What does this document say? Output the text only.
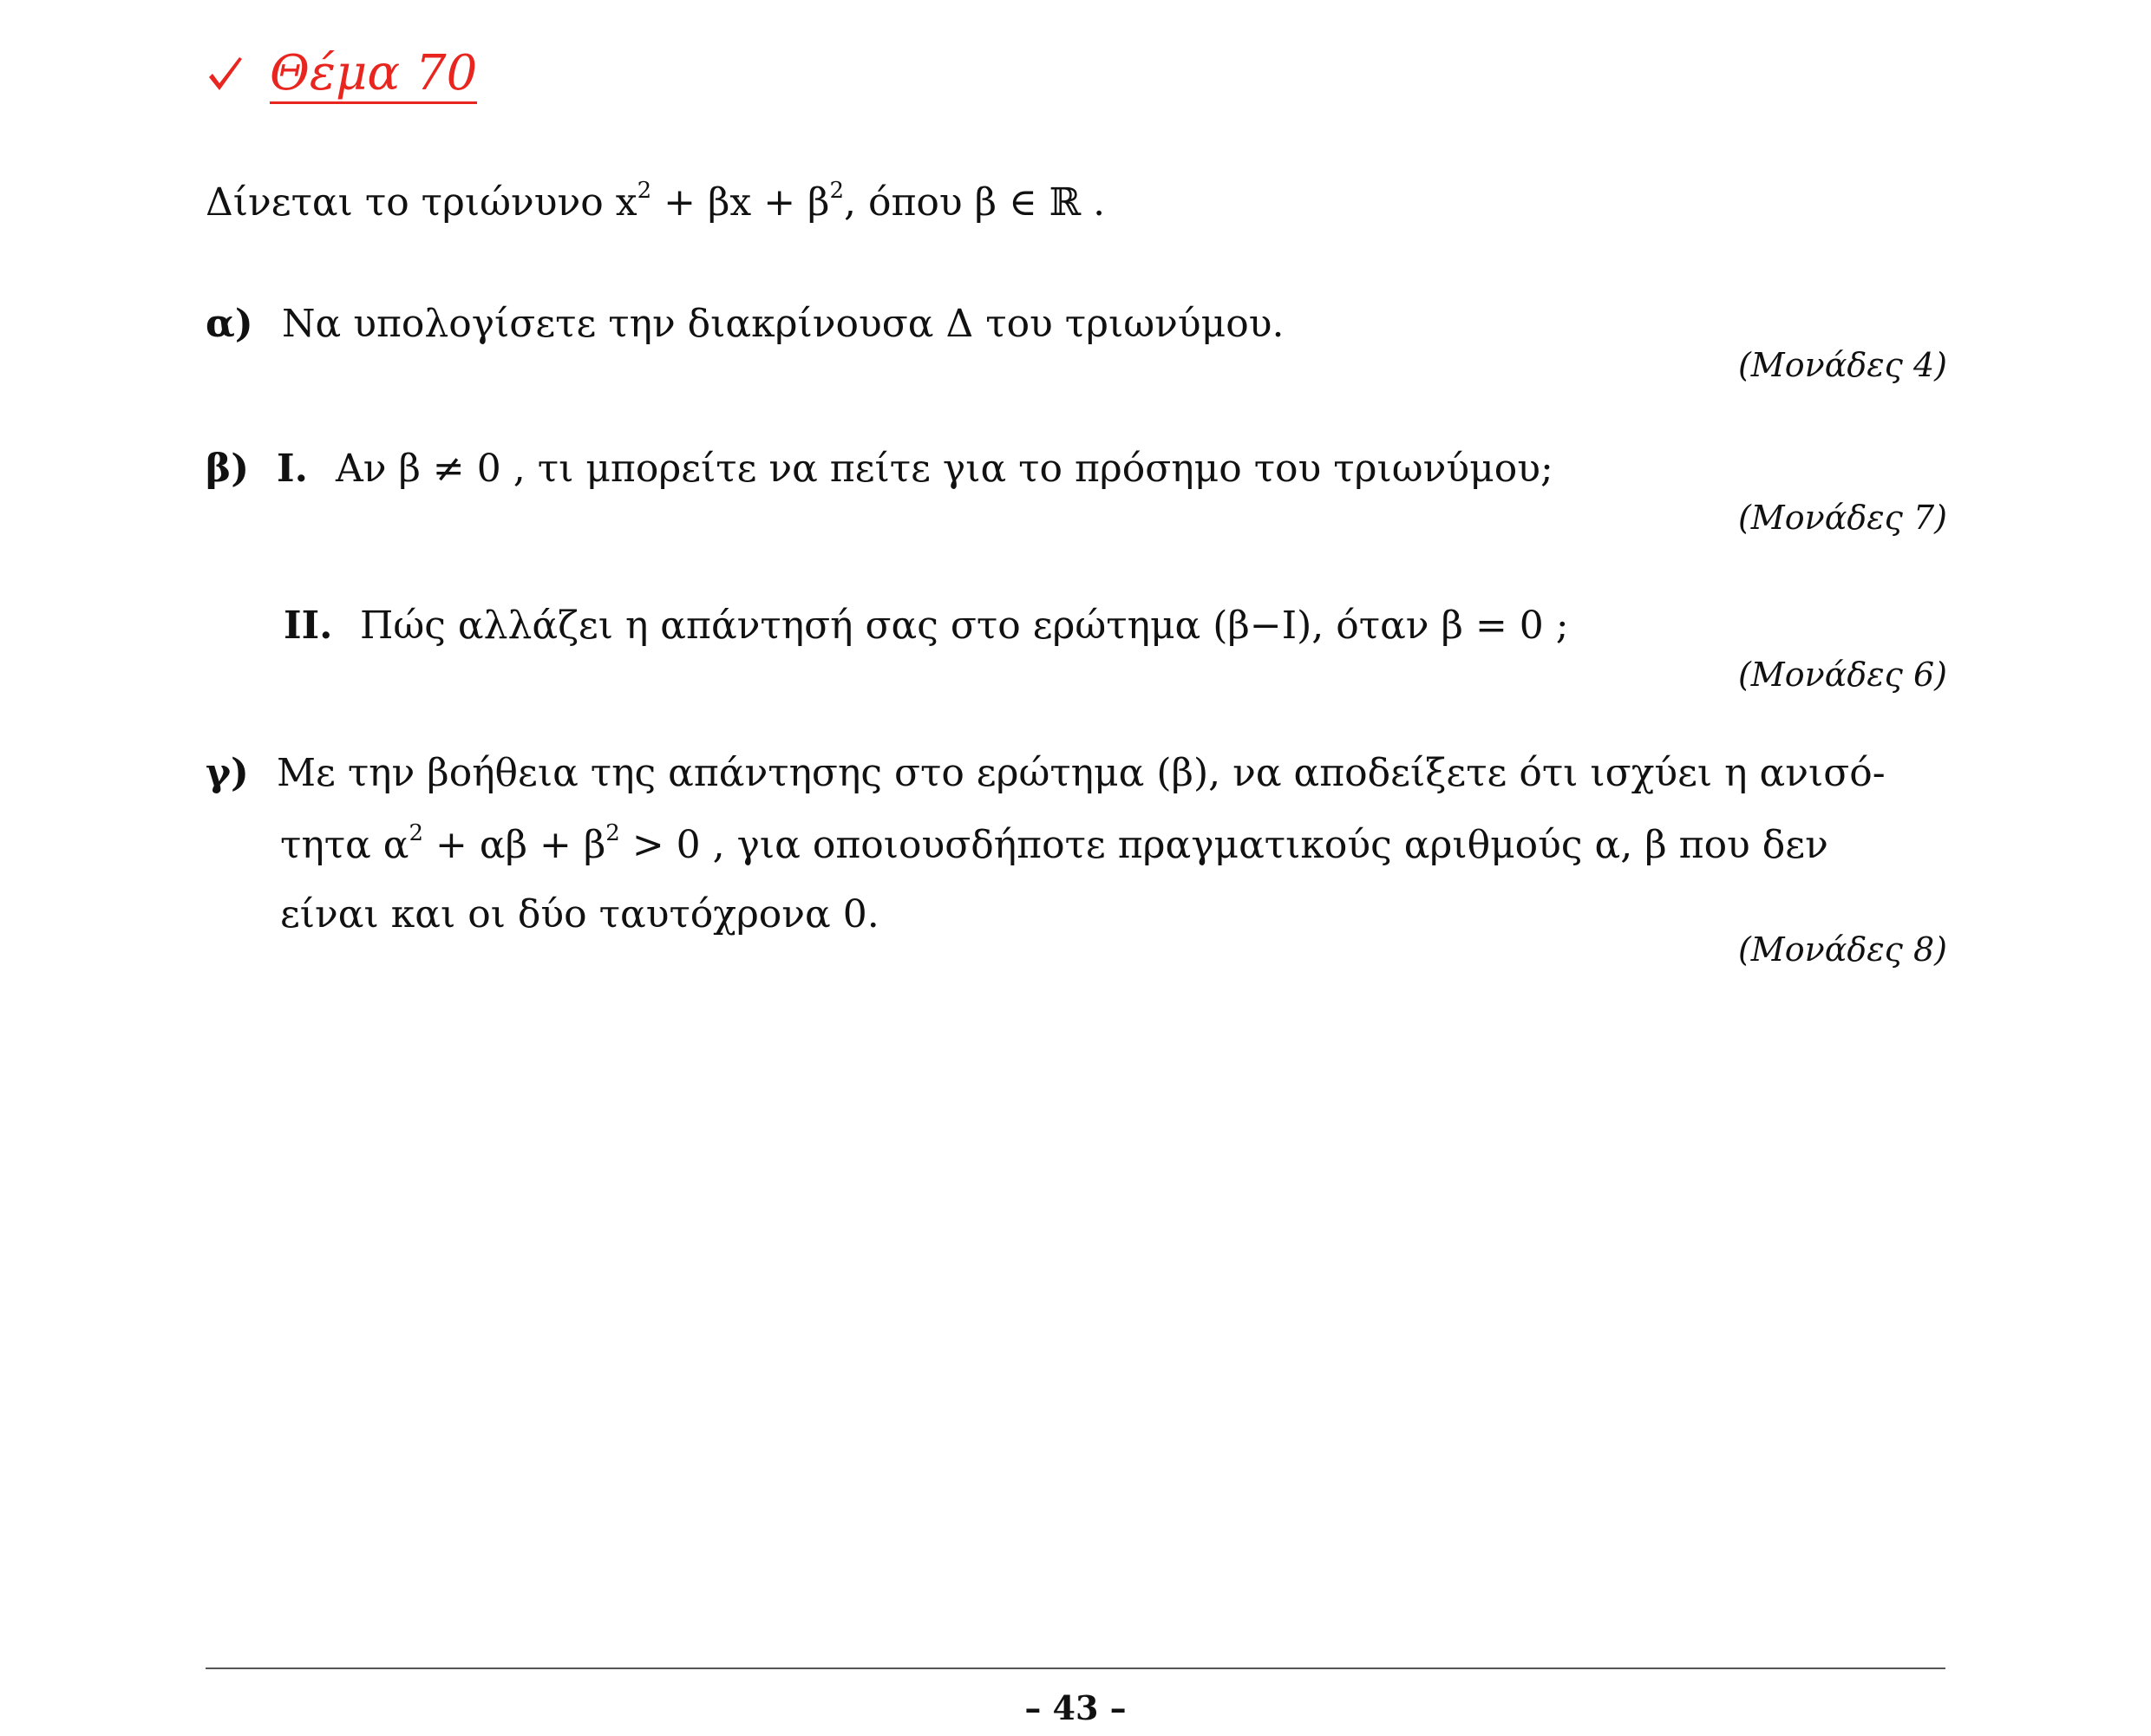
Θέμα 70
Δίνεται το τριώνυνο $x^2 + \beta x + \beta^2$, όπου β ∈ ℝ .
α) Να υπολογίσετε την διακρίνουσα Δ του τριωνύμου.
(Μονάδες 4)
β) Ι. Αν β ≠ 0 , τι μπορείτε να πείτε για το πρόσημο του τριωνύμου;
(Μονάδες 7)
ΙΙ. Πώς αλλάζει η απάντησή σας στο ερώτημα (β−Ι), όταν β = 0 ;
(Μονάδες 6)
γ) Με την βοήθεια της απάντησης στο ερώτημα (β), να αποδείξετε ότι ισχύει η ανισό-
τητα $\alpha^2 + \alpha\beta + \beta^2 > 0$ , για οποιουσδήποτε πραγματικούς αριθμούς α, β που δεν
είναι και οι δύο ταυτόχρονα 0.
(Μονάδες 8)
– 43 –
